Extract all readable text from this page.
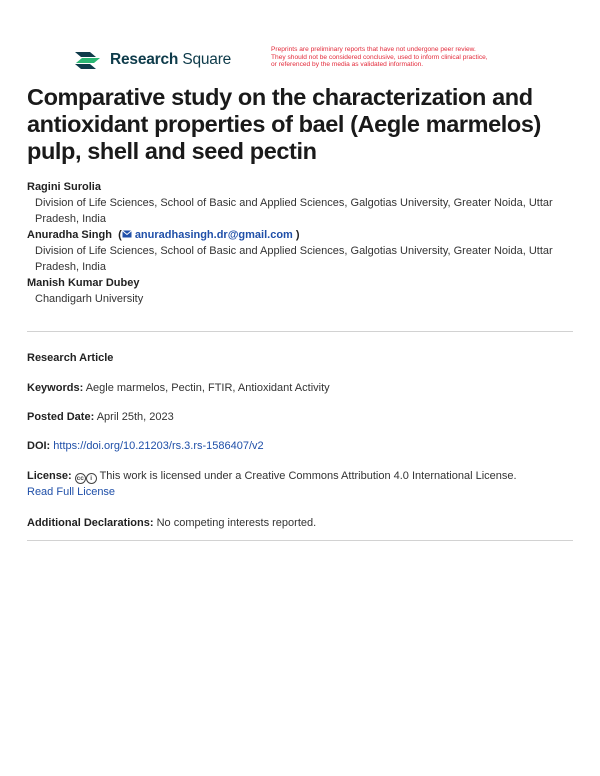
Research Square
Preprints are preliminary reports that have not undergone peer review.
They should not be considered conclusive, used to inform clinical practice,
or referenced by the media as validated information.
Comparative study on the characterization and antioxidant properties of bael (Aegle marmelos) pulp, shell and seed pectin
Ragini Surolia
Division of Life Sciences, School of Basic and Applied Sciences, Galgotias University, Greater Noida, Uttar Pradesh, India
Anuradha Singh  ( anuradhasingh.dr@gmail.com )
Division of Life Sciences, School of Basic and Applied Sciences, Galgotias University, Greater Noida, Uttar Pradesh, India
Manish Kumar Dubey
Chandigarh University
Research Article
Keywords: Aegle marmelos, Pectin, FTIR, Antioxidant Activity
Posted Date: April 25th, 2023
DOI: https://doi.org/10.21203/rs.3.rs-1586407/v2
License: cc i This work is licensed under a Creative Commons Attribution 4.0 International License.
Read Full License
Additional Declarations: No competing interests reported.
